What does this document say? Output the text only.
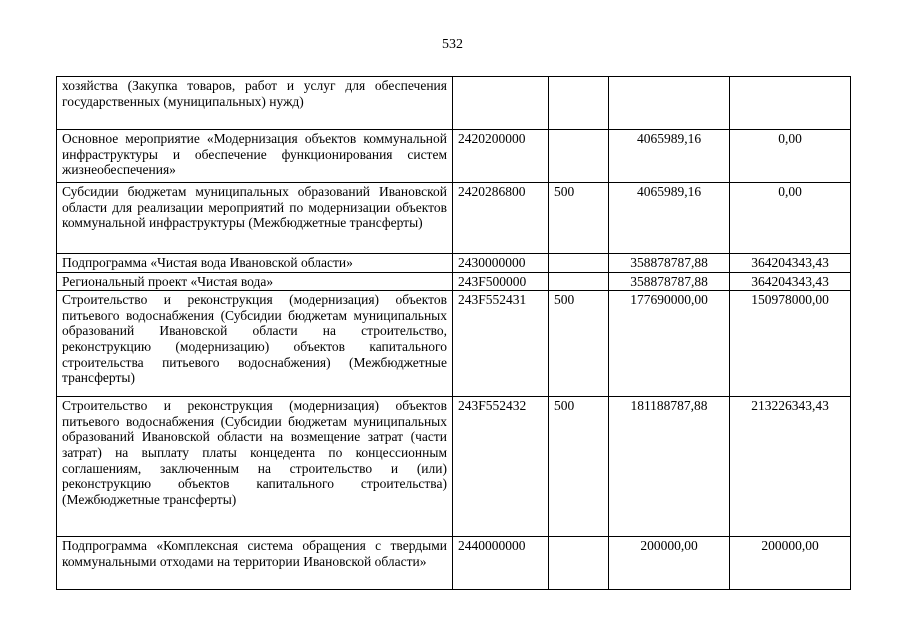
532
хозяйства (Закупка товаров, работ и услуг для обеспечения государственных (муниципальных) нужд)				
Основное мероприятие «Модернизация объектов коммунальной инфраструктуры и обеспечение функционирования систем жизнеобеспечения»	2420200000		4065989,16	0,00
Субсидии бюджетам муниципальных образований Ивановской области для реализации мероприятий по модернизации объектов коммунальной инфраструктуры (Межбюджетные трансферты)	2420286800	500	4065989,16	0,00
Подпрограмма «Чистая вода Ивановской области»	2430000000		358878787,88	364204343,43
Региональный проект «Чистая вода»	243F500000		358878787,88	364204343,43
Строительство и реконструкция (модернизация) объектов питьевого водоснабжения (Субсидии бюджетам муниципальных образований Ивановской области на строительство, реконструкцию (модернизацию) объектов капитального строительства питьевого водоснабжения) (Межбюджетные трансферты)	243F552431	500	177690000,00	150978000,00
Строительство и реконструкция (модернизация) объектов питьевого водоснабжения (Субсидии бюджетам муниципальных образований Ивановской области на возмещение затрат (части затрат) на выплату платы концедента по концессионным соглашениям, заключенным на строительство и (или) реконструкцию объектов капитального строительства) (Межбюджетные трансферты)	243F552432	500	181188787,88	213226343,43
Подпрограмма «Комплексная система обращения с твердыми коммунальными отходами на территории Ивановской области»	2440000000		200000,00	200000,00
